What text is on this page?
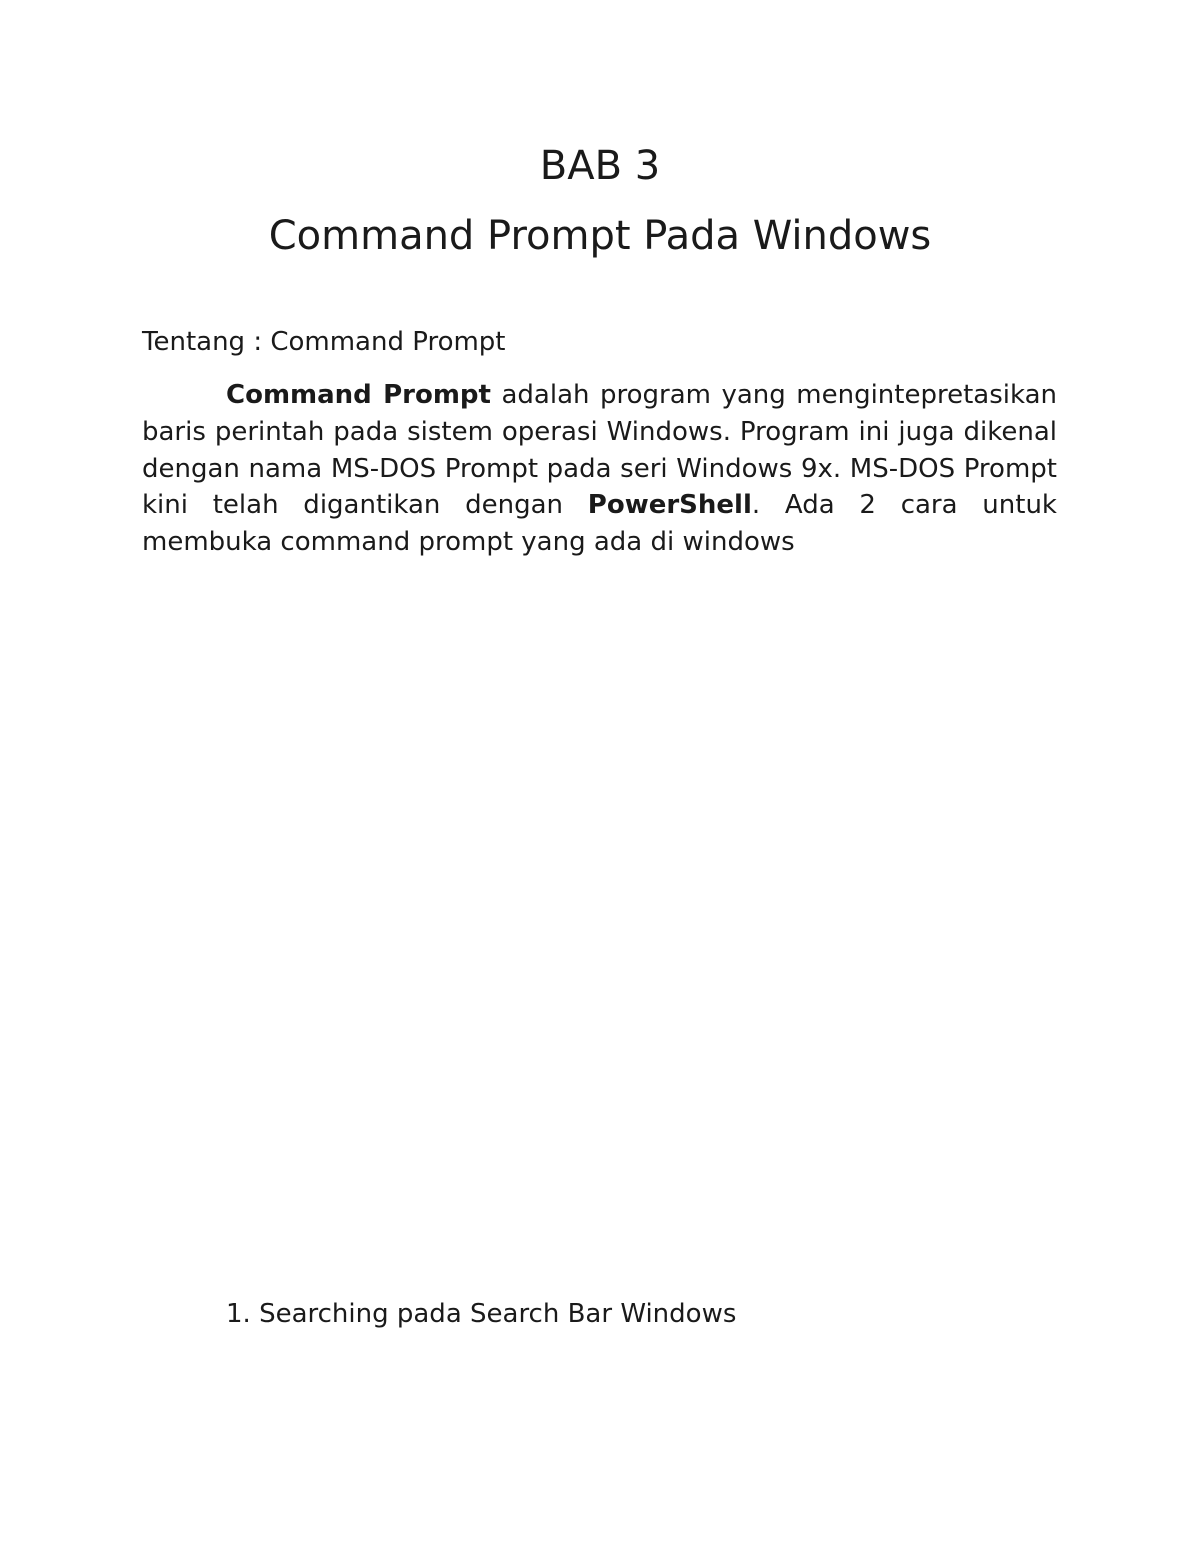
BAB 3
Command Prompt Pada Windows

Tentang : Command Prompt

Command Prompt adalah program yang mengintepretasikan baris perintah pada sistem operasi Windows. Program ini juga dikenal dengan nama MS-DOS Prompt pada seri Windows 9x. MS-DOS Prompt kini telah digantikan dengan PowerShell. Ada 2 cara untuk membuka command prompt yang ada di windows

1. Searching pada Search Bar Windows
